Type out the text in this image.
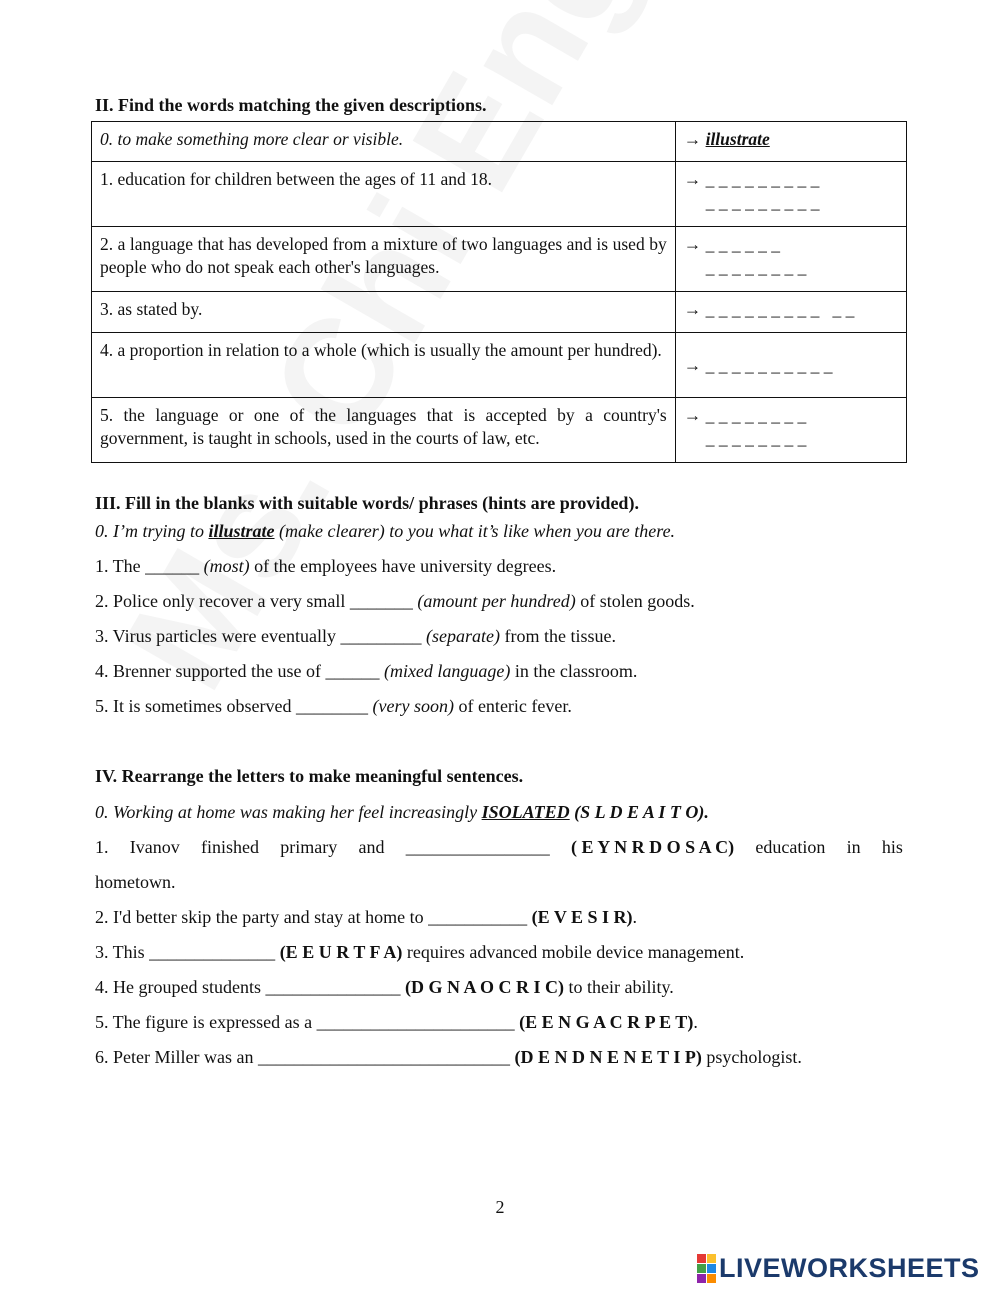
II. Find the words matching the given descriptions.

0. to make something more clear or visible.	→ illustrate
1. education for children between the ages of 11 and 18.	→ _ _ _ _ _ _ _ _ _
_ _ _ _ _ _ _ _ _

2. a language that has developed from a mixture of two languages and is used by people who do not speak each other's languages.	→ _ _ _ _ _ _
_ _ _ _ _ _ _ _

3. as stated by.	→ _ _ _ _ _ _ _ _ _   _ _
4. a proportion in relation to a whole (which is usually the amount per hundred).	→ _ _ _ _ _ _ _ _ _ _
5. the language or one of the languages that is accepted by a country's government, is taught in schools, used in the courts of law, etc.	→ _ _ _ _ _ _ _ _
_ _ _ _ _ _ _ _

III. Fill in the blanks with suitable words/ phrases (hints are provided).

0. I’m trying to illustrate (make clearer) to you what it’s like when you are there.
1. The ______ (most) of the employees have university degrees.
2. Police only recover a very small _______ (amount per hundred) of stolen goods.
3. Virus particles were eventually _________ (separate) from the tissue.
4. Brenner supported the use of ______ (mixed language) in the classroom.
5. It is sometimes observed ________ (very soon) of enteric fever.

IV. Rearrange the letters to make meaningful sentences.

0. Working at home was making her feel increasingly ISOLATED (S L D E A I T O).
1. Ivanov finished primary and ________________ ( E Y N R D O S A C) education in his
hometown.
2. I'd better skip the party and stay at home to ___________ (E V E S I R).
3. This ______________ (E E U R T F A) requires advanced mobile device management.
4. He grouped students _______________ (D G N A O C R I C) to their ability.
5. The figure is expressed as a ______________________ (E E N G A C R P E T).
6. Peter Miller was an ____________________________ (D E N D N E N E T I P) psychologist.
2
LIVEWORKSHEETS
